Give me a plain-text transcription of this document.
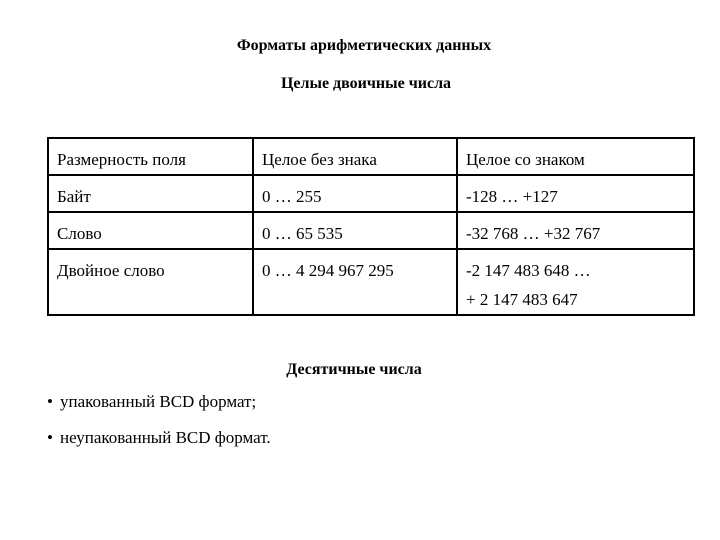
Форматы арифметических данных
Целые двоичные числа
Размерность поля	Целое без знака	Целое со знаком
Байт	0 … 255	-128 … +127
Слово	0 … 65 535	-32 768 … +32 767
Двойное слово	0 … 4 294 967 295	-2 147 483 648 …
+ 2 147 483 647
Десятичные числа
• упакованный BCD формат;
• неупакованный BCD формат.
